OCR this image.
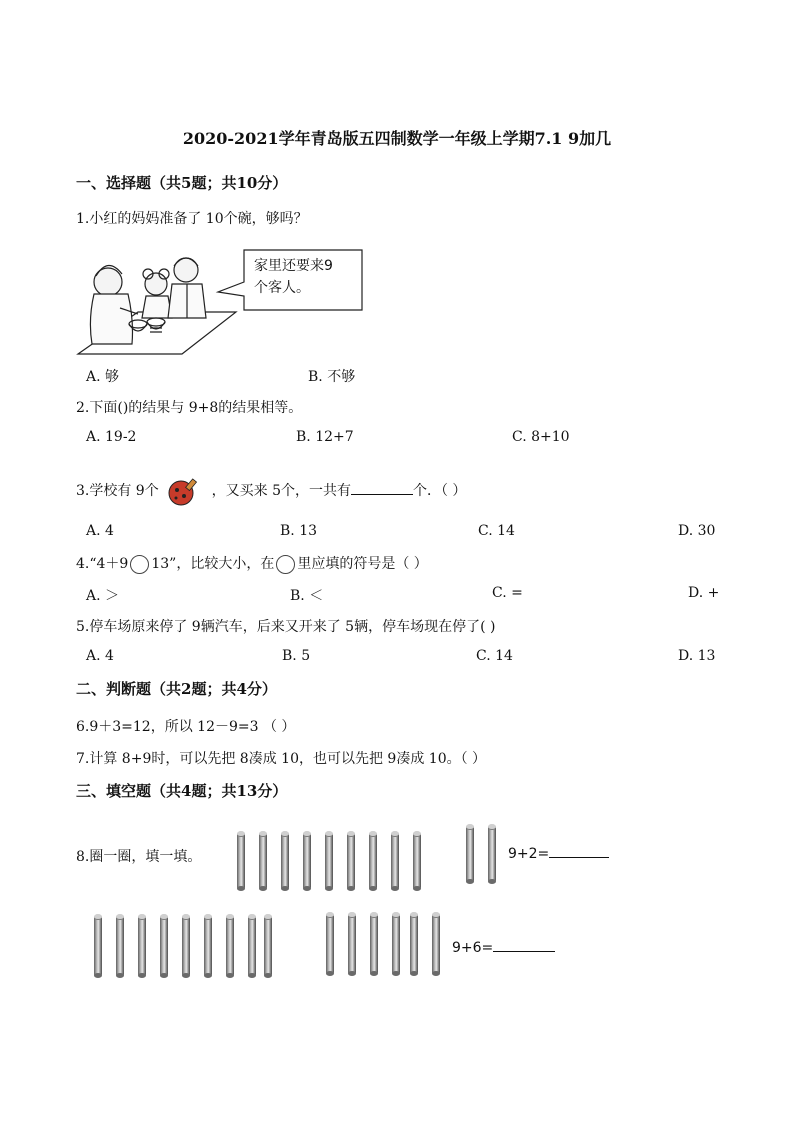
2020-2021学年青岛版五四制数学一年级上学期7.1 9加几
一、选择题（共5题；共10分）
1.小红的妈妈准备了 10个碗，够吗？
家里还要来9
个客人。
A. 够	B. 不够
2.下面()的结果与 9+8的结果相等。
A. 19-2	B. 12+7	C. 8+10
3.学校有 9个	，又买来 5个，一共有	个．（ ）
A. 4	B. 13	C. 14	D. 30
4.“4＋9 13”，比较大小，在 里应填的符号是（ ）
A. ＞	B. ＜	C. =	D. +
5.停车场原来停了 9辆汽车，后来又开来了 5辆，停车场现在停了( )
A. 4	B. 5	C. 14	D. 13
二、判断题（共2题；共4分）
6.9＋3=12，所以 12－9=3 （ ）
7.计算 8+9时，可以先把 8凑成 10，也可以先把 9凑成 10。（ ）
三、填空题（共4题；共13分）
8.圈一圈，填一填。	9+2=
9+6=
